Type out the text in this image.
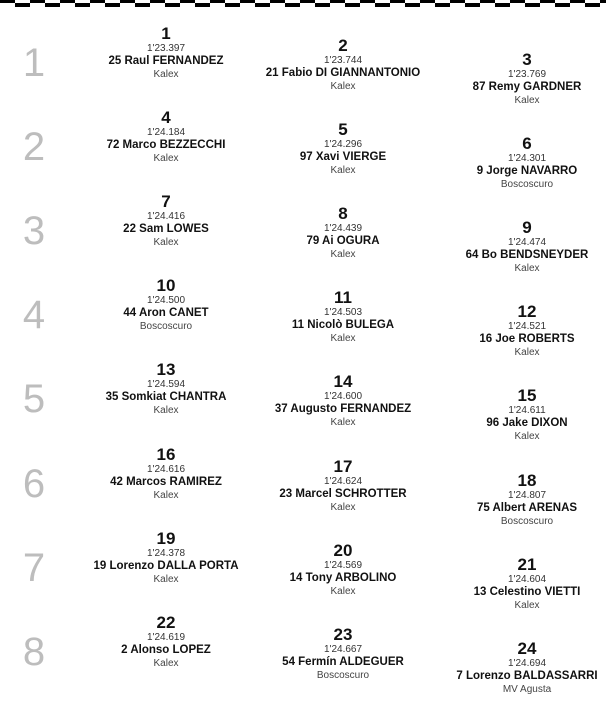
1
1
1'23.397
25 Raul FERNANDEZ
Kalex
2
1'23.744
21 Fabio DI GIANNANTONIO
Kalex
3
1'23.769
87 Remy GARDNER
Kalex
2
4
1'24.184
72 Marco BEZZECCHI
Kalex
5
1'24.296
97 Xavi VIERGE
Kalex
6
1'24.301
9 Jorge NAVARRO
Boscoscuro
3
7
1'24.416
22 Sam LOWES
Kalex
8
1'24.439
79 Ai OGURA
Kalex
9
1'24.474
64 Bo BENDSNEYDER
Kalex
4
10
1'24.500
44 Aron CANET
Boscoscuro
11
1'24.503
11 Nicolò BULEGA
Kalex
12
1'24.521
16 Joe ROBERTS
Kalex
5
13
1'24.594
35 Somkiat CHANTRA
Kalex
14
1'24.600
37 Augusto FERNANDEZ
Kalex
15
1'24.611
96 Jake DIXON
Kalex
6
16
1'24.616
42 Marcos RAMIREZ
Kalex
17
1'24.624
23 Marcel SCHROTTER
Kalex
18
1'24.807
75 Albert ARENAS
Boscoscuro
7
19
1'24.378
19 Lorenzo DALLA PORTA
Kalex
20
1'24.569
14 Tony ARBOLINO
Kalex
21
1'24.604
13 Celestino VIETTI
Kalex
8
22
1'24.619
2 Alonso LOPEZ
Kalex
23
1'24.667
54 Fermín ALDEGUER
Boscoscuro
24
1'24.694
7 Lorenzo BALDASSARRI
MV Agusta
